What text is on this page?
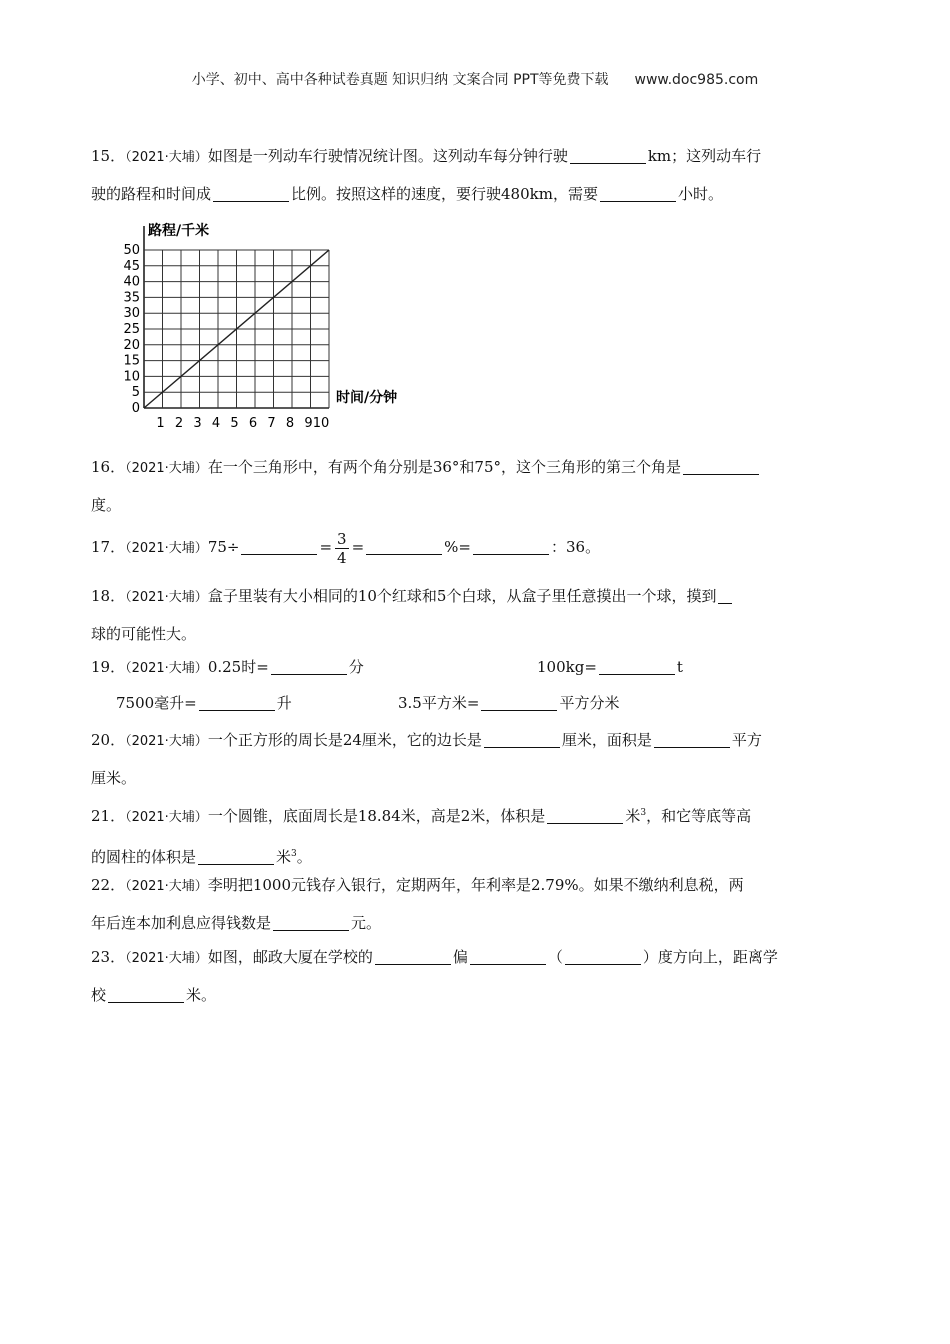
小学、初中、高中各种试卷真题 知识归纳 文案合同 PPT等免费下载 www.doc985.com
15．（2021·大埔）如图是一列动车行驶情况统计图。这列动车每分钟行驶	km；这列动车行
驶的路程和时间成	比例。按照这样的速度，要行驶480km，需要	小时。
0
5
10
15
20
25
30
35
40
45
50
1 2 3 4 5 6 7 8 9 10
路程/千米
时间/分钟
16．（2021·大埔）在一个三角形中，有两个角分别是36°和75°，这个三角形的第三个角是
度。
17．（2021·大埔）75÷	= $\frac{3}{4}$ =	%=	：36。
18．（2021·大埔）盒子里装有大小相同的10个红球和5个白球，从盒子里任意摸出一个球，摸到
球的可能性大。
19．（2021·大埔）0.25时=	分	100kg=	t
7500毫升=	升	3.5平方米=	平方分米
20．（2021·大埔）一个正方形的周长是24厘米，它的边长是	厘米，面积是	平方
厘米。
21．（2021·大埔）一个圆锥，底面周长是18.84米，高是2米，体积是	米$^3$，和它等底等高
的圆柱的体积是	米$^3$。
22．（2021·大埔）李明把1000元钱存入银行，定期两年，年利率是2.79%。如果不缴纳利息税，两
年后连本加利息应得钱数是	元。
23．（2021·大埔）如图，邮政大厦在学校的	偏	（	）度方向上，距离学
校	米。
